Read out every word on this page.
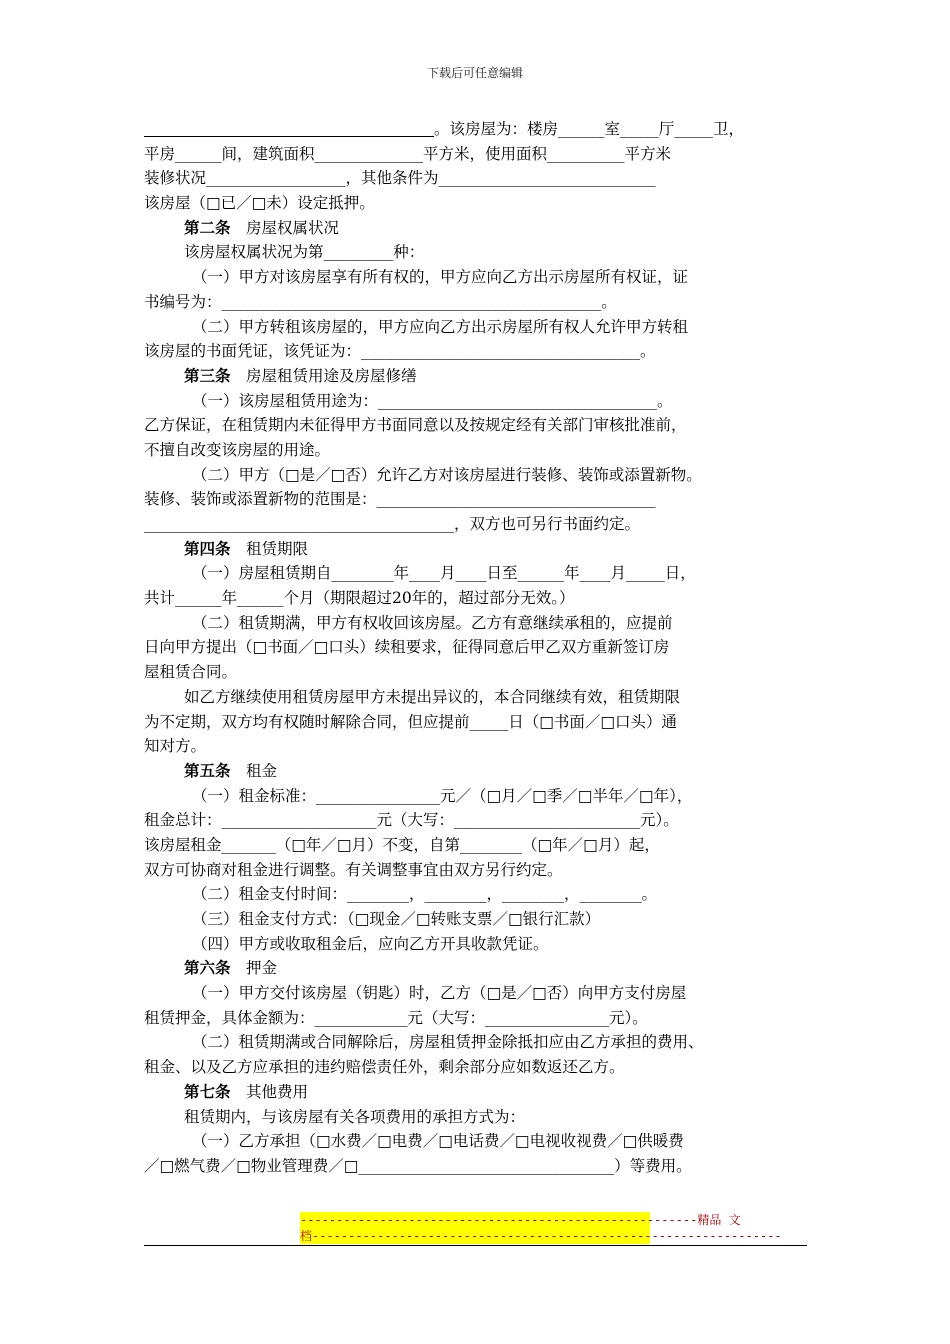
下载后可任意编辑
。该房屋为：楼房______室_____厅_____卫，
平房______间，建筑面积______________平方米，使用面积__________平方米
装修状况__________________，其他条件为____________________________
该房屋（□已／□未）设定抵押。
第二条　 房屋权属状况
该房屋权属状况为第_________种：
（一）甲方对该房屋享有所有权的，甲方应向乙方出示房屋所有权证，证
书编号为：_________________________________________________。
（二）甲方转租该房屋的，甲方应向乙方出示房屋所有权人允许甲方转租
该房屋的书面凭证，该凭证为：____________________________________。
第三条　 房屋租赁用途及房屋修缮
（一）该房屋租赁用途为：____________________________________。
乙方保证，在租赁期内未征得甲方书面同意以及按规定经有关部门审核批准前，
不擅自改变该房屋的用途。
（二）甲方（□是／□否）允许乙方对该房屋进行装修、装饰或添置新物。
装修、装饰或添置新物的范围是：____________________________________
________________________________________，双方也可另行书面约定。
第四条　 租赁期限
（一）房屋租赁期自________年____月____日至______年____月_____日，
共计______年______个月（期限超过20年的，超过部分无效。）
（二）租赁期满，甲方有权收回该房屋。乙方有意继续承租的，应提前
日向甲方提出（□书面／□口头）续租要求，征得同意后甲乙双方重新签订房
屋租赁合同。
如乙方继续使用租赁房屋甲方未提出异议的，本合同继续有效，租赁期限
为不定期，双方均有权随时解除合同，但应提前_____日（□书面／□口头）通
知对方。
第五条　 租金
（一）租金标准：________________元／（□月／□季／□半年／□年），
租金总计：____________________元（大写：________________________元）。
该房屋租金_______（□年／□月）不变，自第________（□年／□月）起，
双方可协商对租金进行调整。有关调整事宜由双方另行约定。
（二）租金支付时间：________，________，________，________。
（三）租金支付方式：（□现金／□转账支票／□银行汇款）
（四）甲方或收取租金后，应向乙方开具收款凭证。
第六条　 押金
（一）甲方交付该房屋（钥匙）时，乙方（□是／□否）向甲方支付房屋
租赁押金，具体金额为：____________元（大写：________________元）。
（二）租赁期满或合同解除后，房屋租赁押金除抵扣应由乙方承担的费用、
租金、以及乙方应承担的违约赔偿责任外，剩余部分应如数返还乙方。
第七条　 其他费用
租赁期内，与该房屋有关各项费用的承担方式为：
（一）乙方承担（□水费／□电费／□电话费／□电视收视费／□供暖费
／□燃气费／□物业管理费／□_________________________________）等费用。
-------------------------------------------------------精品 文
档-----------------------------------------------------------------
